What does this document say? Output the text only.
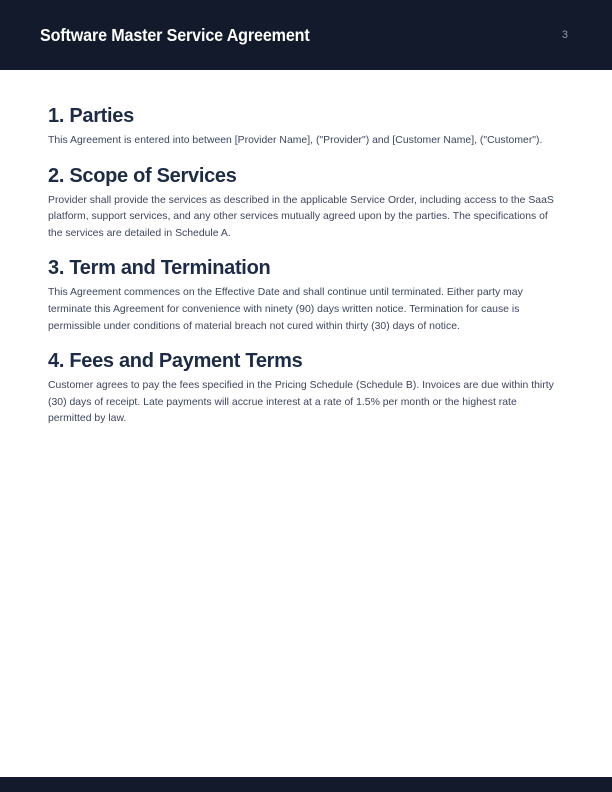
Software Master Service Agreement	3
1. Parties

This Agreement is entered into between [Provider Name], ("Provider") and [Customer Name], ("Customer").

2. Scope of Services

Provider shall provide the services as described in the applicable Service Order, including access to the SaaS platform, support services, and any other services mutually agreed upon by the parties. The specifications of the services are detailed in Schedule A.

3. Term and Termination

This Agreement commences on the Effective Date and shall continue until terminated. Either party may terminate this Agreement for convenience with ninety (90) days written notice. Termination for cause is permissible under conditions of material breach not cured within thirty (30) days of notice.

4. Fees and Payment Terms

Customer agrees to pay the fees specified in the Pricing Schedule (Schedule B). Invoices are due within thirty (30) days of receipt. Late payments will accrue interest at a rate of 1.5% per month or the highest rate permitted by law.
